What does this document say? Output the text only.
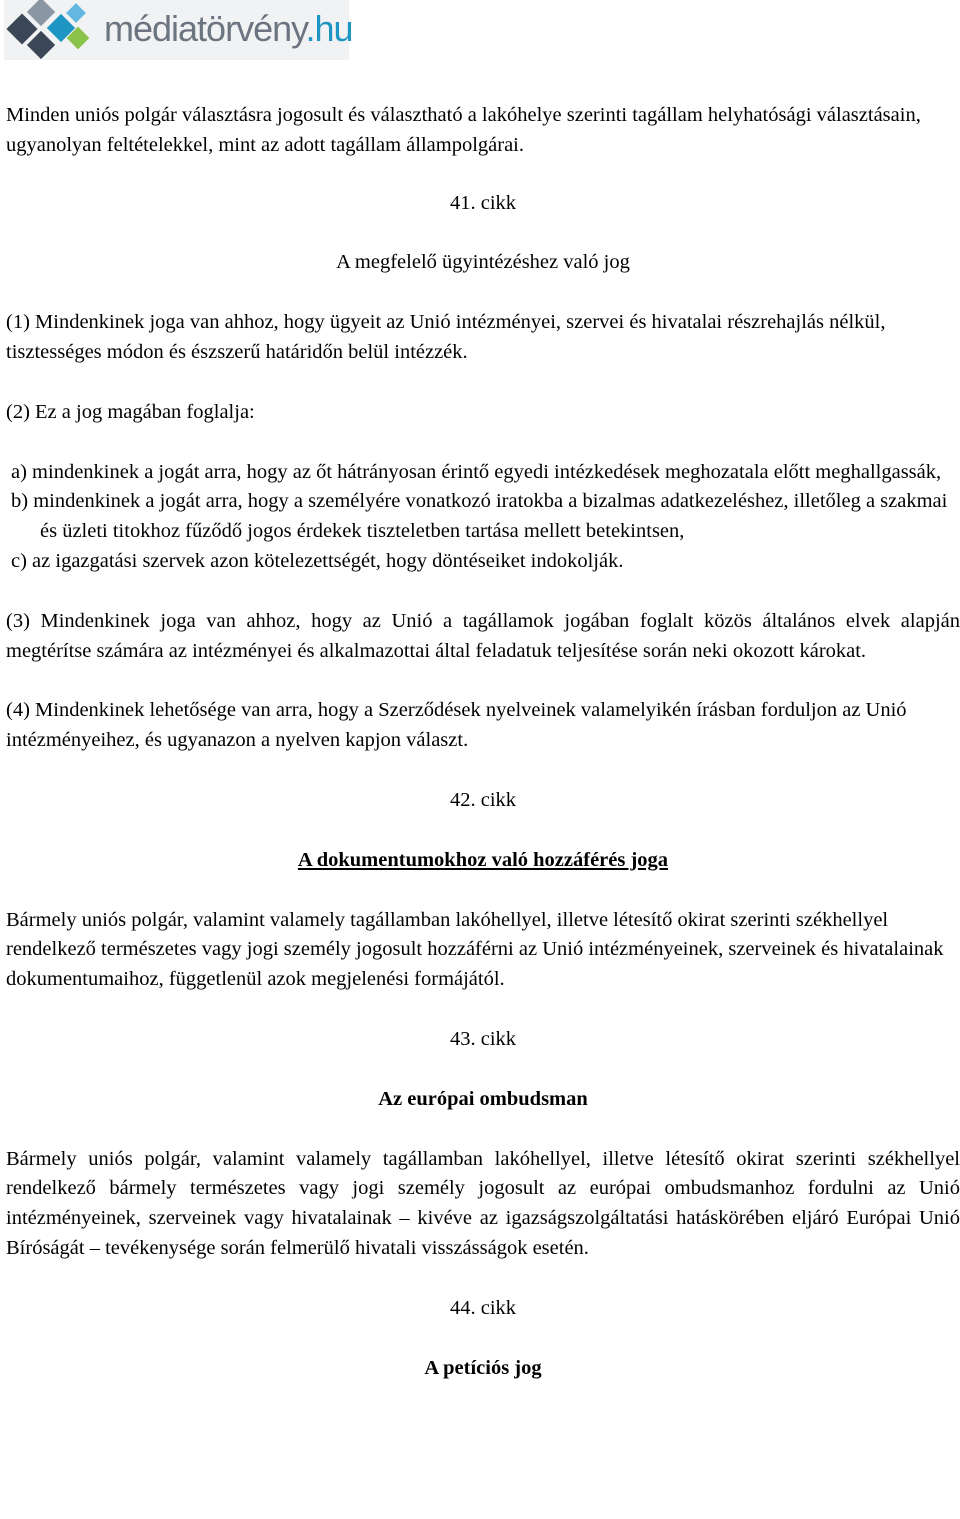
médiatörvény.hu

Minden uniós polgár választásra jogosult és választható a lakóhelye szerinti tagállam helyhatósági választásain, ugyanolyan feltételekkel, mint az adott tagállam állampolgárai.

41. cikk

A megfelelő ügyintézéshez való jog

(1) Mindenkinek joga van ahhoz, hogy ügyeit az Unió intézményei, szervei és hivatalai részrehajlás nélkül, tisztességes módon és észszerű határidőn belül intézzék.

(2) Ez a jog magában foglalja:

a) mindenkinek a jogát arra, hogy az őt hátrányosan érintő egyedi intézkedések meghozatala előtt meghallgassák,

b) mindenkinek a jogát arra, hogy a személyére vonatkozó iratokba a bizalmas adatkezeléshez, illetőleg a szakmai és üzleti titokhoz fűződő jogos érdekek tiszteletben tartása mellett betekintsen,

c) az igazgatási szervek azon kötelezettségét, hogy döntéseiket indokolják.

(3) Mindenkinek joga van ahhoz, hogy az Unió a tagállamok jogában foglalt közös általános elvek alapján megtérítse számára az intézményei és alkalmazottai által feladatuk teljesítése során neki okozott károkat.

(4) Mindenkinek lehetősége van arra, hogy a Szerződések nyelveinek valamelyikén írásban forduljon az Unió intézményeihez, és ugyanazon a nyelven kapjon választ.

42. cikk

A dokumentumokhoz való hozzáférés joga

Bármely uniós polgár, valamint valamely tagállamban lakóhellyel, illetve létesítő okirat szerinti székhellyel rendelkező természetes vagy jogi személy jogosult hozzáférni az Unió intézményeinek, szerveinek és hivatalainak dokumentumaihoz, függetlenül azok megjelenési formájától.

43. cikk

Az európai ombudsman

Bármely uniós polgár, valamint valamely tagállamban lakóhellyel, illetve létesítő okirat szerinti székhellyel rendelkező bármely természetes vagy jogi személy jogosult az európai ombudsmanhoz fordulni az Unió intézményeinek, szerveinek vagy hivatalainak – kivéve az igazságszolgáltatási hatáskörében eljáró Európai Unió Bíróságát – tevékenysége során felmerülő hivatali visszásságok esetén.

44. cikk

A petíciós jog
